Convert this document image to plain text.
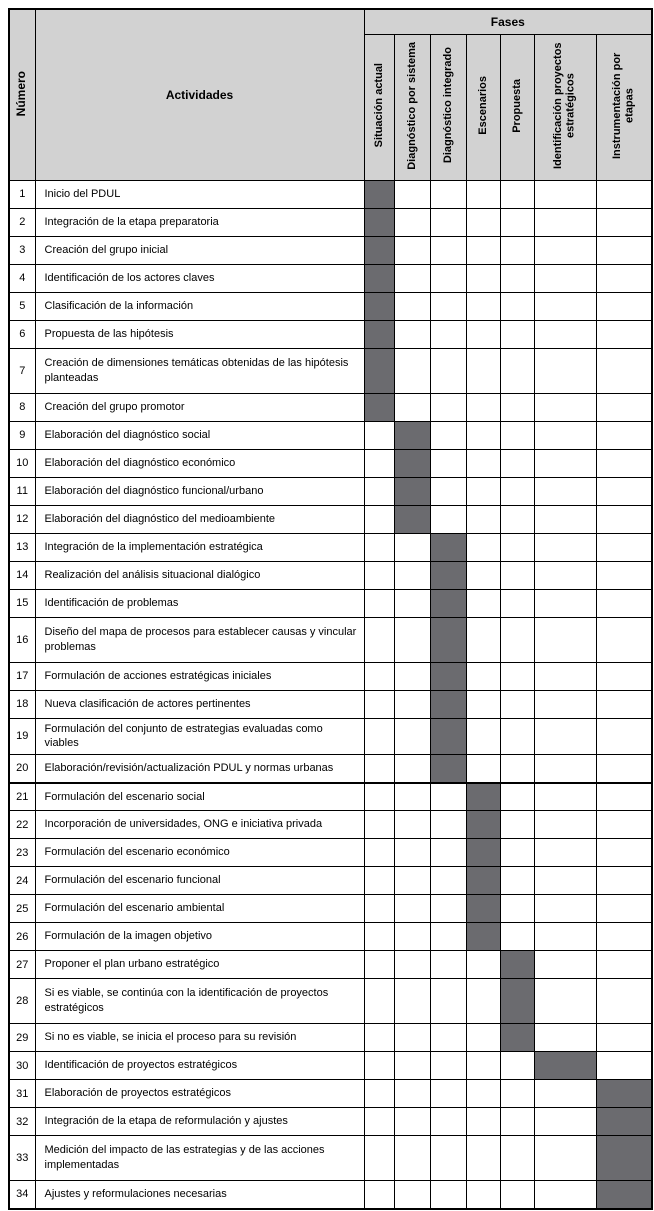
Número	Actividades	Fases						
		Situación actual	Diagnóstico por sistema	Diagnóstico integrado	Escenarios	Propuesta	Identificación proyectos estratégicos	Instrumentación por etapas
1	Inicio del PDUL							
2	Integración de la etapa preparatoria							
3	Creación del grupo inicial							
4	Identificación de los actores claves							
5	Clasificación de la información							
6	Propuesta de las hipótesis							
7	Creación de dimensiones temáticas obtenidas de las hipótesis planteadas							
8	Creación del grupo promotor							
9	Elaboración del diagnóstico social							
10	Elaboración del diagnóstico económico							
11	Elaboración del diagnóstico funcional/urbano							
12	Elaboración del diagnóstico del medioambiente							
13	Integración de la implementación estratégica							
14	Realización del análisis situacional dialógico							
15	Identificación de problemas							
16	Diseño del mapa de procesos para establecer causas y vincular problemas							
17	Formulación de acciones estratégicas iniciales							
18	Nueva clasificación de actores pertinentes							
19	Formulación del conjunto de estrategias evaluadas como viables							
20	Elaboración/revisión/actualización PDUL y normas urbanas							
21	Formulación del escenario social							
22	Incorporación de universidades, ONG e iniciativa privada							
23	Formulación del escenario económico							
24	Formulación del escenario funcional							
25	Formulación del escenario ambiental							
26	Formulación de la imagen objetivo							
27	Proponer el plan urbano estratégico							
28	Si es viable, se continúa con la identificación de proyectos estratégicos							
29	Si no es viable, se inicia el proceso para su revisión							
30	Identificación de proyectos estratégicos							
31	Elaboración de proyectos estratégicos							
32	Integración de la etapa de reformulación y ajustes							
33	Medición del impacto de las estrategias y de las acciones implementadas							
34	Ajustes y reformulaciones necesarias							
